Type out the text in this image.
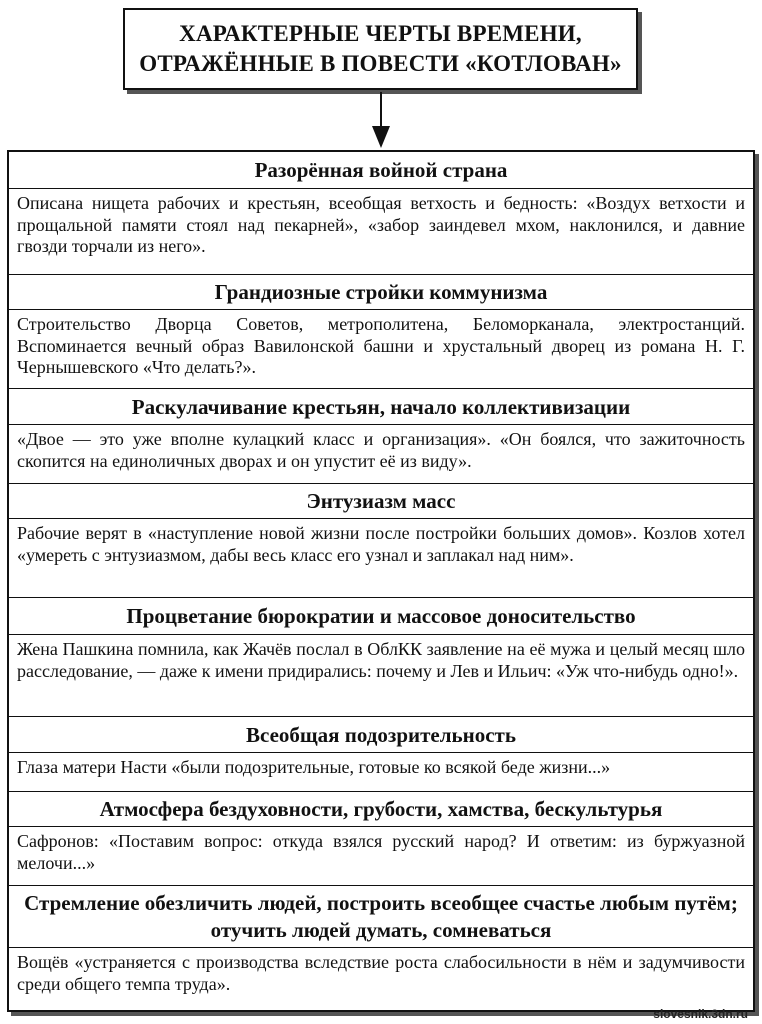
ХАРАКТЕРНЫЕ ЧЕРТЫ ВРЕМЕНИ,
ОТРАЖЁННЫЕ В ПОВЕСТИ «КОТЛОВАН»
Разорённая войной страна
Описана нищета рабочих и крестьян, всеобщая ветхость и бедность: «Воздух ветхости и прощальной памяти стоял над пекарней», «забор заиндевел мхом, наклонился, и давние гвозди торчали из него».
Грандиозные стройки коммунизма
Строительство Дворца Советов, метрополитена, Беломорканала, электростанций. Вспоминается вечный образ Вавилонской башни и хрустальный дворец из романа Н. Г. Чернышевского «Что делать?».
Раскулачивание крестьян, начало коллективизации
«Двое — это уже вполне кулацкий класс и организация». «Он боялся, что зажиточность скопится на единоличных дворах и он упустит её из виду».
Энтузиазм масс
Рабочие верят в «наступление новой жизни после постройки больших домов». Козлов хотел «умереть с энтузиазмом, дабы весь класс его узнал и заплакал над ним».
Процветание бюрократии и массовое доносительство
Жена Пашкина помнила, как Жачёв послал в ОблКК заявление на её мужа и целый месяц шло расследование, — даже к имени придирались: почему и Лев и Ильич: «Уж что-нибудь одно!».
Всеобщая подозрительность
Глаза матери Насти «были подозрительные, готовые ко всякой беде жизни...»
Атмосфера бездуховности, грубости, хамства, бескультурья
Сафронов: «Поставим вопрос: откуда взялся русский народ? И ответим: из буржуазной мелочи...»
Стремление обезличить людей, построить всеобщее счастье любым путём; отучить людей думать, сомневаться
Вощёв «устраняется с производства вследствие роста слабосильности в нём и задумчивости среди общего темпа труда».
slovesnik.3dn.ru
